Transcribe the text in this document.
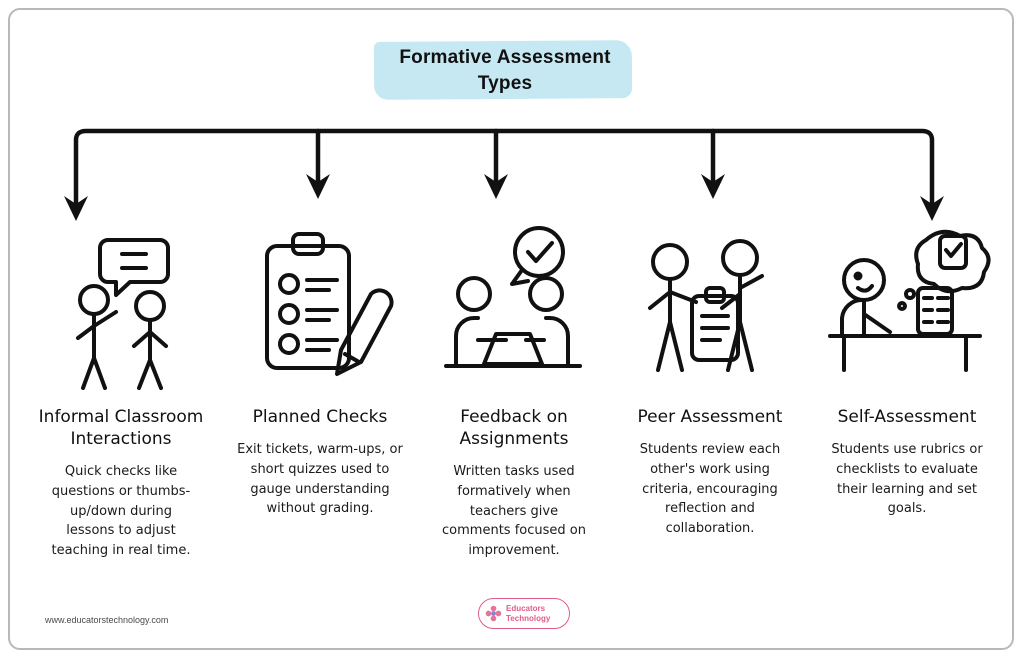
Formative Assessment
Types
Informal Classroom Interactions
Quick checks like questions or thumbs-up/down during lessons to adjust teaching in real time.
Planned Checks
Exit tickets, warm-ups, or short quizzes used to gauge understanding without grading.
Feedback on Assignments
Written tasks used formatively when teachers give comments focused on improvement.
Peer Assessment
Students review each other's work using criteria, encouraging reflection and collaboration.
Self-Assessment
Students use rubrics or checklists to evaluate their learning and set goals.
www.educatorstechnology.com
Educators
Technology
